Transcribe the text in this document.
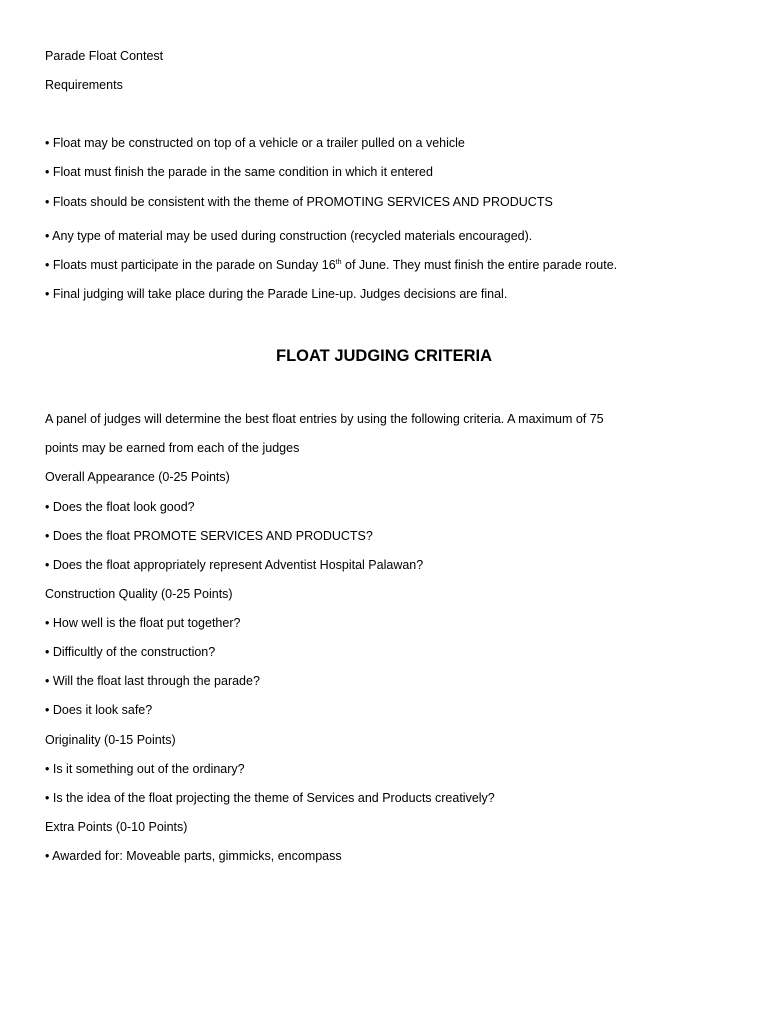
Parade Float Contest
Requirements
• Float may be constructed on top of a vehicle or a trailer pulled on a vehicle
• Float must finish the parade in the same condition in which it entered
• Floats should be consistent with the theme of PROMOTING SERVICES AND PRODUCTS
• Any type of material may be used during construction (recycled materials encouraged).
• Floats must participate in the parade on Sunday 16th of June. They must finish the entire parade route.
• Final judging will take place during the Parade Line-up. Judges decisions are final.
FLOAT JUDGING CRITERIA
A panel of judges will determine the best float entries by using the following criteria. A maximum of 75
points may be earned from each of the judges
Overall Appearance (0-25 Points)
• Does the float look good?
• Does the float PROMOTE SERVICES AND PRODUCTS?
• Does the float appropriately represent Adventist Hospital Palawan?
Construction Quality (0-25 Points)
• How well is the float put together?
• Difficultly of the construction?
• Will the float last through the parade?
• Does it look safe?
Originality (0-15 Points)
• Is it something out of the ordinary?
• Is the idea of the float projecting the theme of Services and Products creatively?
Extra Points (0-10 Points)
• Awarded for: Moveable parts, gimmicks, encompass
